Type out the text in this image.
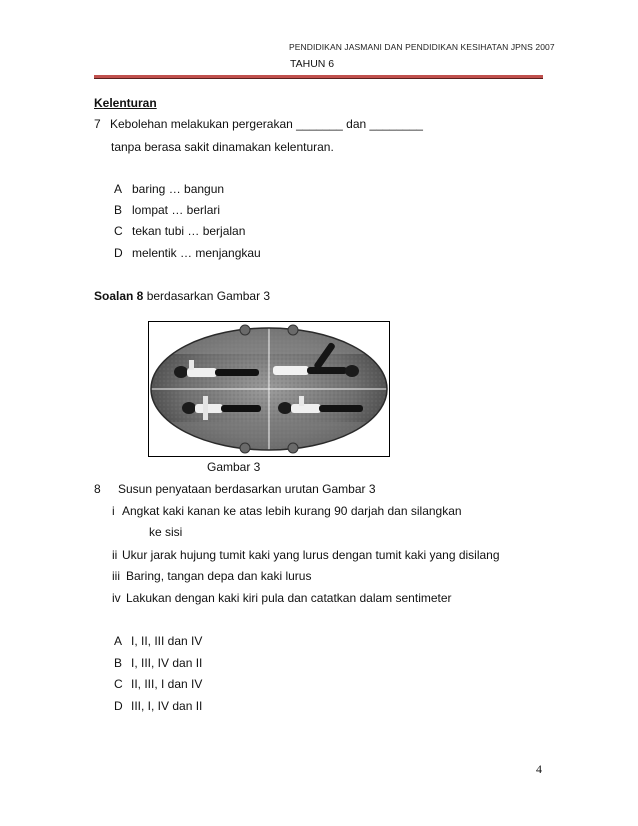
PENDIDIKAN JASMANI DAN PENDIDIKAN KESIHATAN JPNS 2007
TAHUN 6
Kelenturan
7 Kebolehan melakukan pergerakan _______ dan ________
tanpa berasa sakit dinamakan kelenturan.
A baring … bangun
B lompat … berlari
C tekan tubi … berjalan
D melentik … menjangkau
Soalan 8 berdasarkan Gambar 3
Gambar 3
8 Susun penyataan berdasarkan urutan Gambar 3
i Angkat kaki kanan ke atas lebih kurang 90 darjah dan silangkan
ke sisi
ii Ukur jarak hujung tumit kaki yang lurus dengan tumit kaki yang disilang
iii Baring, tangan depa dan kaki lurus
iv Lakukan dengan kaki kiri pula dan catatkan dalam sentimeter
A I, II, III dan IV
B I, III, IV dan II
C II, III, I dan IV
D III, I, IV dan II
4
